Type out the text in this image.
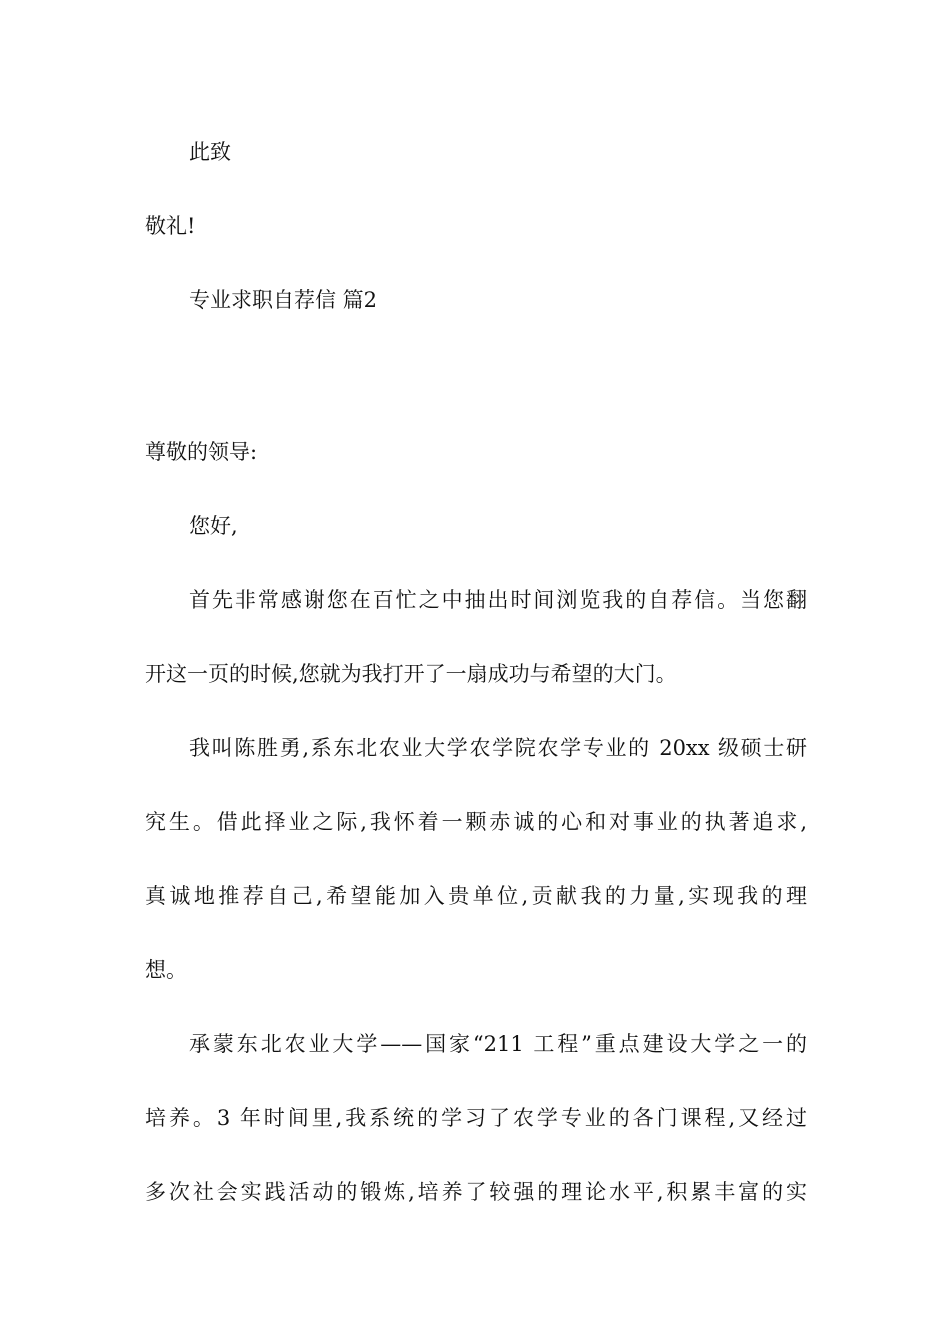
此致
敬礼!
专业求职自荐信 篇2
尊敬的领导:
您好,
首先非常感谢您在百忙之中抽出时间浏览我的自荐信。当您翻
开这一页的时候,您就为我打开了一扇成功与希望的大门。
我叫陈胜勇,系东北农业大学农学院农学专业的 20xx 级硕士研
究生。借此择业之际,我怀着一颗赤诚的心和对事业的执著追求,
真诚地推荐自己,希望能加入贵单位,贡献我的力量,实现我的理
想。
承蒙东北农业大学——国家“211 工程”重点建设大学之一的
培养。3 年时间里,我系统的学习了农学专业的各门课程,又经过
多次社会实践活动的锻炼,培养了较强的理论水平,积累丰富的实
